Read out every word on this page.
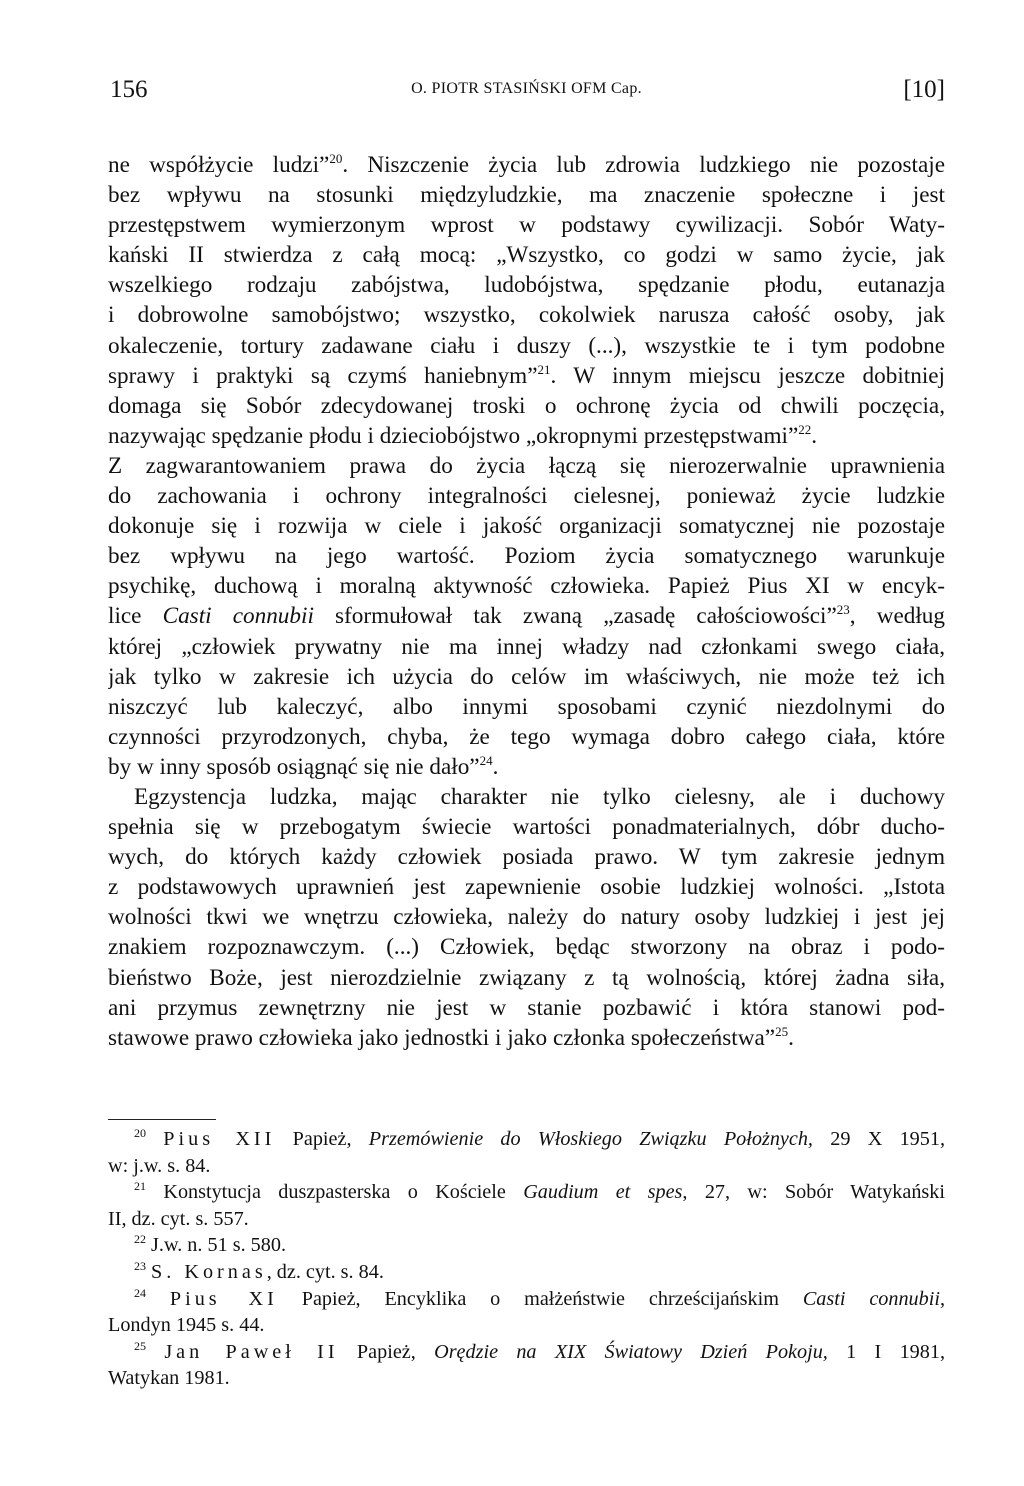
156	O. PIOTR STASIŃSKI OFM Cap.	[10]
ne współżycie ludzi”$^{20}$. Niszczenie życia lub zdrowia ludzkiego nie pozostaje
bez wpływu na stosunki międzyludzkie, ma znaczenie społeczne i jest
przestępstwem wymierzonym wprost w podstawy cywilizacji. Sobór Waty-
kański II stwierdza z całą mocą: „Wszystko, co godzi w samo życie, jak
wszelkiego rodzaju zabójstwa, ludobójstwa, spędzanie płodu, eutanazja
i dobrowolne samobójstwo; wszystko, cokolwiek narusza całość osoby, jak
okaleczenie, tortury zadawane ciału i duszy (...), wszystkie te i tym podobne
sprawy i praktyki są czymś haniebnym”$^{21}$. W innym miejscu jeszcze dobitniej
domaga się Sobór zdecydowanej troski o ochronę życia od chwili poczęcia,
nazywając spędzanie płodu i dzieciobójstwo „okropnymi przestępstwami”$^{22}$.
Z zagwarantowaniem prawa do życia łączą się nierozerwalnie uprawnienia
do zachowania i ochrony integralności cielesnej, ponieważ życie ludzkie
dokonuje się i rozwija w ciele i jakość organizacji somatycznej nie pozostaje
bez wpływu na jego wartość. Poziom życia somatycznego warunkuje
psychikę, duchową i moralną aktywność człowieka. Papież Pius XI w encyk-
lice Casti connubii sformułował tak zwaną „zasadę całościowości”$^{23}$, według
której „człowiek prywatny nie ma innej władzy nad członkami swego ciała,
jak tylko w zakresie ich użycia do celów im właściwych, nie może też ich
niszczyć lub kaleczyć, albo innymi sposobami czynić niezdolnymi do
czynności przyrodzonych, chyba, że tego wymaga dobro całego ciała, które
by w inny sposób osiągnąć się nie dało”$^{24}$.
Egzystencja ludzka, mając charakter nie tylko cielesny, ale i duchowy
spełnia się w przebogatym świecie wartości ponadmaterialnych, dóbr ducho-
wych, do których każdy człowiek posiada prawo. W tym zakresie jednym
z podstawowych uprawnień jest zapewnienie osobie ludzkiej wolności. „Istota
wolności tkwi we wnętrzu człowieka, należy do natury osoby ludzkiej i jest jej
znakiem rozpoznawczym. (...) Człowiek, będąc stworzony na obraz i podo-
bieństwo Boże, jest nierozdzielnie związany z tą wolnością, której żadna siła,
ani przymus zewnętrzny nie jest w stanie pozbawić i która stanowi pod-
stawowe prawo człowieka jako jednostki i jako członka społeczeństwa”$^{25}$.
$^{20}$ Pius XII Papież, Przemówienie do Włoskiego Związku Położnych, 29 X 1951,
w: j.w. s. 84.
$^{21}$ Konstytucja duszpasterska o Kościele Gaudium et spes, 27, w: Sobór Watykański
II, dz. cyt. s. 557.
$^{22}$ J.w. n. 51 s. 580.
$^{23}$ S. Kornas, dz. cyt. s. 84.
$^{24}$ Pius XI Papież, Encyklika o małżeństwie chrześcijańskim Casti connubii,
Londyn 1945 s. 44.
$^{25}$ Jan Paweł II Papież, Orędzie na XIX Światowy Dzień Pokoju, 1 I 1981,
Watykan 1981.
